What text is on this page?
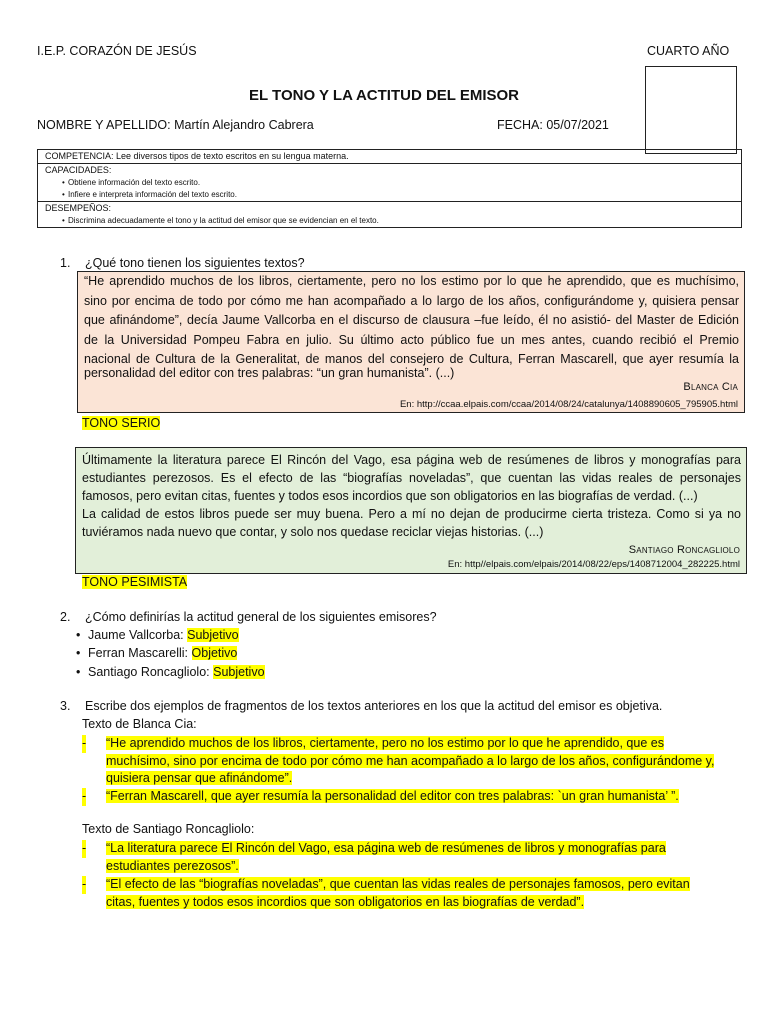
I.E.P. CORAZÓN DE JESÚS	CUARTO AÑO
EL TONO Y LA ACTITUD DEL EMISOR
NOMBRE Y APELLIDO: Martín Alejandro Cabrera	FECHA: 05/07/2021
COMPETENCIA: Lee diversos tipos de texto escritos en su lengua materna.
CAPACIDADES:
• Obtiene información del texto escrito.
• Infiere e interpreta información del texto escrito.
DESEMPEÑOS:
• Discrimina adecuadamente el tono y la actitud del emisor que se evidencian en el texto.
1. ¿Qué tono tienen los siguientes textos?
“He aprendido muchos de los libros, ciertamente, pero no los estimo por lo que he aprendido, que es muchísimo,
sino por encima de todo por cómo me han acompañado a lo largo de los años, configurándome y, quisiera pensar
que afinándome”, decía Jaume Vallcorba en el discurso de clausura –fue leído, él no asistió- del Master de Edición
de la Universidad Pompeu Fabra en julio. Su último acto público fue un mes antes, cuando recibió el Premio
nacional de Cultura de la Generalitat, de manos del consejero de Cultura, Ferran Mascarell, que ayer resumía la
personalidad del editor con tres palabras: “un gran humanista”. (...)
Blanca Cia
En: http://ccaa.elpais.com/ccaa/2014/08/24/catalunya/1408890605_795905.html
TONO SERIO
Últimamente la literatura parece El Rincón del Vago, esa página web de resúmenes de libros y monografías para
estudiantes perezosos. Es el efecto de las “biografías noveladas”, que cuentan las vidas reales de personajes
famosos, pero evitan citas, fuentes y todos esos incordios que son obligatorios en las biografías de verdad. (...)
La calidad de estos libros puede ser muy buena. Pero a mí no dejan de producirme cierta tristeza. Como si ya no
tuviéramos nada nuevo que contar, y solo nos quedase reciclar viejas historias. (...)
Santiago Roncagliolo
En: http//elpais.com/elpais/2014/08/22/eps/1408712004_282225.html
TONO PESIMISTA
2. ¿Cómo definirías la actitud general de los siguientes emisores?
• Jaume Vallcorba: Subjetivo
• Ferran Mascarelli: Objetivo
• Santiago Roncagliolo: Subjetivo
3. Escribe dos ejemplos de fragmentos de los textos anteriores en los que la actitud del emisor es objetiva.
Texto de Blanca Cia:
- “He aprendido muchos de los libros, ciertamente, pero no los estimo por lo que he aprendido, que es
muchísimo, sino por encima de todo por cómo me han acompañado a lo largo de los años, configurándome y,
quisiera pensar que afinándome”.
- “Ferran Mascarell, que ayer resumía la personalidad del editor con tres palabras: `un gran humanista’ ”.
Texto de Santiago Roncagliolo:
- “La literatura parece El Rincón del Vago, esa página web de resúmenes de libros y monografías para
estudiantes perezosos”.
- “El efecto de las “biografías noveladas”, que cuentan las vidas reales de personajes famosos, pero evitan
citas, fuentes y todos esos incordios que son obligatorios en las biografías de verdad”.
